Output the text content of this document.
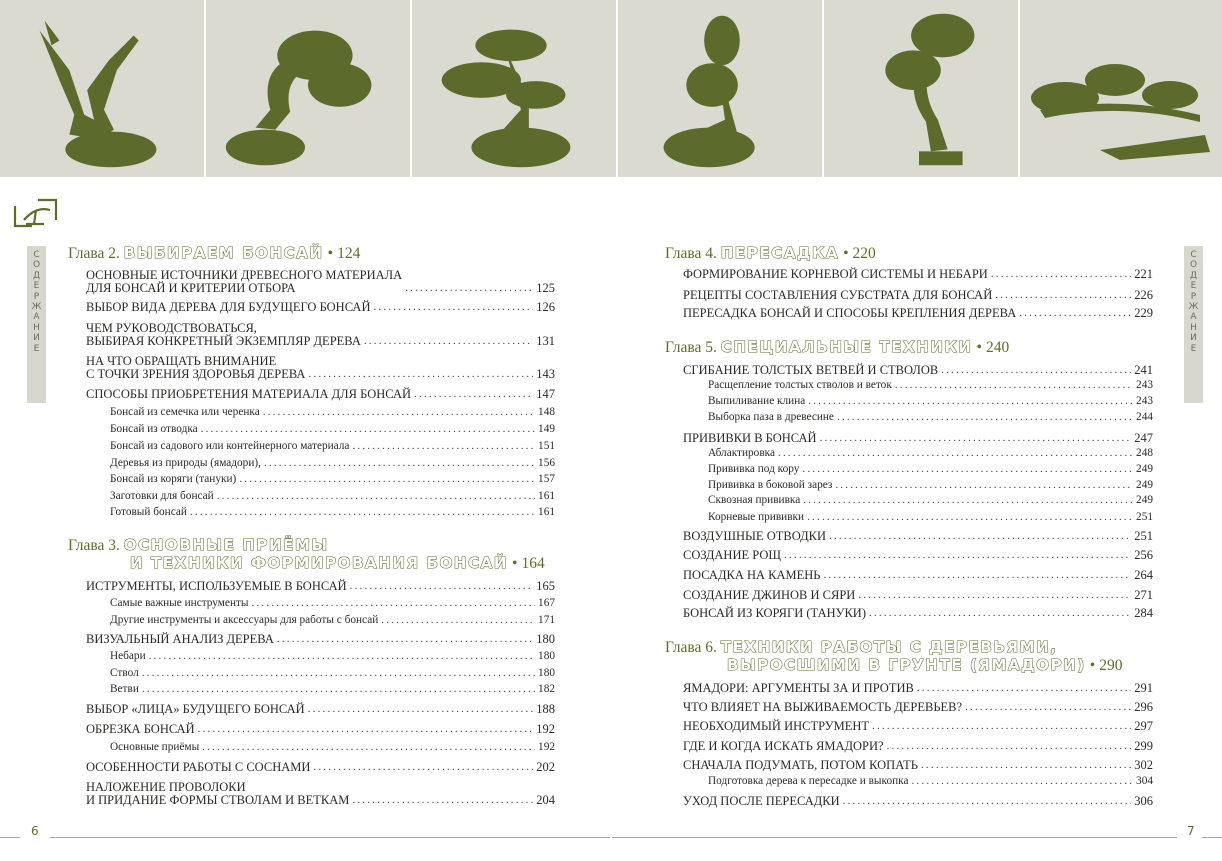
С
О
Д
Е
Р
Ж
А
Н
И
Е
С
О
Д
Е
Р
Ж
А
Н
И
Е
Глава 2. ВЫБИРАЕМ БОНСАЙ • 124
ОСНОВНЫЕ ИСТОЧНИКИ ДРЕВЕСНОГО МАТЕРИАЛА
ДЛЯ БОНСАЙ И КРИТЕРИИ ОТБОРА .....	125
ВЫБОР ВИДА ДЕРЕВА ДЛЯ БУДУЩЕГО БОНСАЙ .....	126
ЧЕМ РУКОВОДСТВОВАТЬСЯ,
ВЫБИРАЯ КОНКРЕТНЫЙ ЭКЗЕМПЛЯР ДЕРЕВА .....	131
НА ЧТО ОБРАЩАТЬ ВНИМАНИЕ
С ТОЧКИ ЗРЕНИЯ ЗДОРОВЬЯ ДЕРЕВА .....	143
СПОСОБЫ ПРИОБРЕТЕНИЯ МАТЕРИАЛА ДЛЯ БОНСАЙ .....	147
Бонсай из семечка или черенка .....	148
Бонсай из отводка .....	149
Бонсай из садового или контейнерного материала .....	151
Деревья из природы (ямадори), .....	156
Бонсай из коряги (тануки) .....	157
Заготовки для бонсай .....	161
Готовый бонсай .....	161
Глава 3. ОСНОВНЫЕ ПРИЁМЫ
И ТЕХНИКИ ФОРМИРОВАНИЯ БОНСАЙ • 164
ИСТРУМЕНТЫ, ИСПОЛЬЗУЕМЫЕ В БОНСАЙ .....	165
Самые важные инструменты .....	167
Другие инструменты и аксессуары для работы с бонсай .....	171
ВИЗУАЛЬНЫЙ АНАЛИЗ ДЕРЕВА .....	180
Небари .....	180
Ствол .....	180
Ветви .....	182
ВЫБОР «ЛИЦА» БУДУЩЕГО БОНСАЙ .....	188
ОБРЕЗКА БОНСАЙ .....	192
Основные приёмы .....	192
ОСОБЕННОСТИ РАБОТЫ С СОСНАМИ .....	202
НАЛОЖЕНИЕ ПРОВОЛОКИ
И ПРИДАНИЕ ФОРМЫ СТВОЛАМ И ВЕТКАМ .....	204
Глава 4. ПЕРЕСАДКА • 220
ФОРМИРОВАНИЕ КОРНЕВОЙ СИСТЕМЫ И НЕБАРИ .....	221
РЕЦЕПТЫ СОСТАВЛЕНИЯ СУБСТРАТА ДЛЯ БОНСАЙ .....	226
ПЕРЕСАДКА БОНСАЙ И СПОСОБЫ КРЕПЛЕНИЯ ДЕРЕВА .....	229
Глава 5. СПЕЦИАЛЬНЫЕ ТЕХНИКИ • 240
СГИБАНИЕ ТОЛСТЫХ ВЕТВЕЙ И СТВОЛОВ .....	241
Расщепление толстых стволов и веток .....	243
Выпиливание клина .....	243
Выборка паза в древесине .....	244
ПРИВИВКИ В БОНСАЙ .....	247
Аблактировка .....	248
Прививка под кору .....	249
Прививка в боковой зарез .....	249
Сквозная прививка .....	249
Корневые прививки .....	251
ВОЗДУШНЫЕ ОТВОДКИ .....	251
СОЗДАНИЕ РОЩ .....	256
ПОСАДКА НА КАМЕНЬ .....	264
СОЗДАНИЕ ДЖИНОВ И СЯРИ .....	271
БОНСАЙ ИЗ КОРЯГИ (ТАНУКИ) .....	284
Глава 6. ТЕХНИКИ РАБОТЫ С ДЕРЕВЬЯМИ,
ВЫРОСШИМИ В ГРУНТЕ (ЯМАДОРИ) • 290
ЯМАДОРИ: АРГУМЕНТЫ ЗА И ПРОТИВ .....	291
ЧТО ВЛИЯЕТ НА ВЫЖИВАЕМОСТЬ ДЕРЕВЬЕВ? .....	296
НЕОБХОДИМЫЙ ИНСТРУМЕНТ .....	297
ГДЕ И КОГДА ИСКАТЬ ЯМАДОРИ? .....	299
СНАЧАЛА ПОДУМАТЬ, ПОТОМ КОПАТЬ .....	302
Подготовка дерева к пересадке и выкопка .....	304
УХОД ПОСЛЕ ПЕРЕСАДКИ .....	306
6	7
